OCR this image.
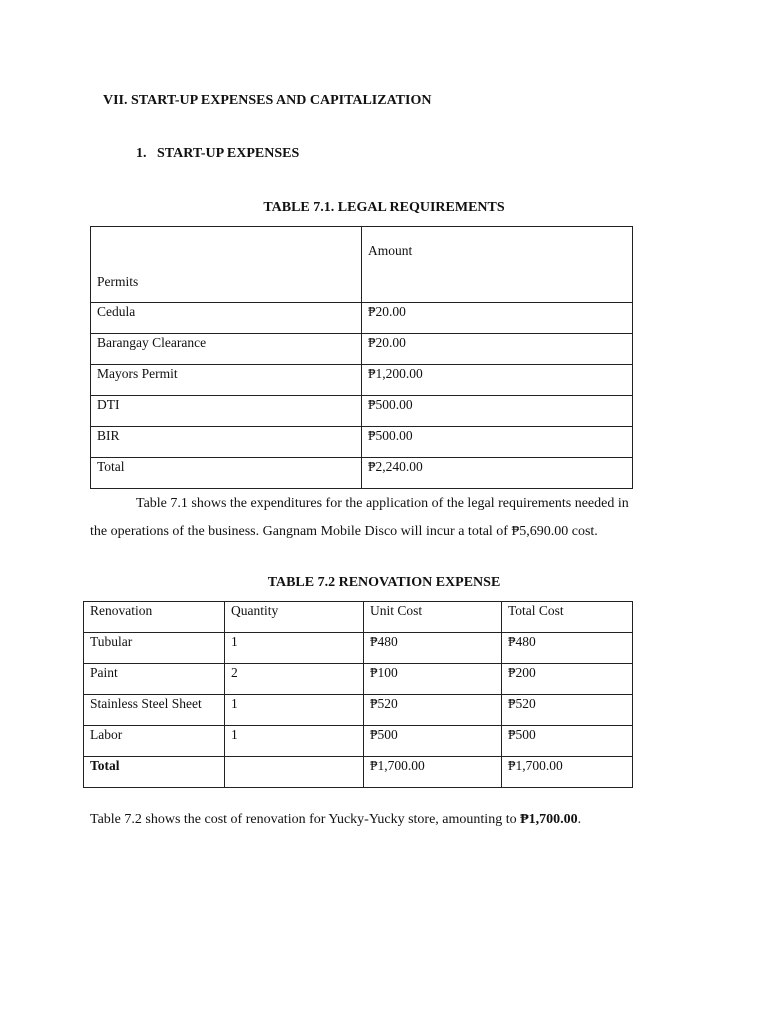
VII. START-UP EXPENSES AND CAPITALIZATION
1.   START-UP EXPENSES
TABLE 7.1. LEGAL REQUIREMENTS
Permits	Amount
Cedula	₱20.00
Barangay Clearance	₱20.00
Mayors Permit	₱1,200.00
DTI	₱500.00
BIR	₱500.00
Total	₱2,240.00
Table 7.1 shows the expenditures for the application of the legal requirements needed in
the operations of the business. Gangnam Mobile Disco will incur a total of ₱5,690.00 cost.
TABLE 7.2 RENOVATION EXPENSE
Renovation	Quantity	Unit Cost	Total Cost
Tubular	1	₱480	₱480
Paint	2	₱100	₱200
Stainless Steel Sheet	1	₱520	₱520
Labor	1	₱500	₱500
Total		₱1,700.00	₱1,700.00
Table 7.2 shows the cost of renovation for Yucky-Yucky store, amounting to ₱1,700.00.
